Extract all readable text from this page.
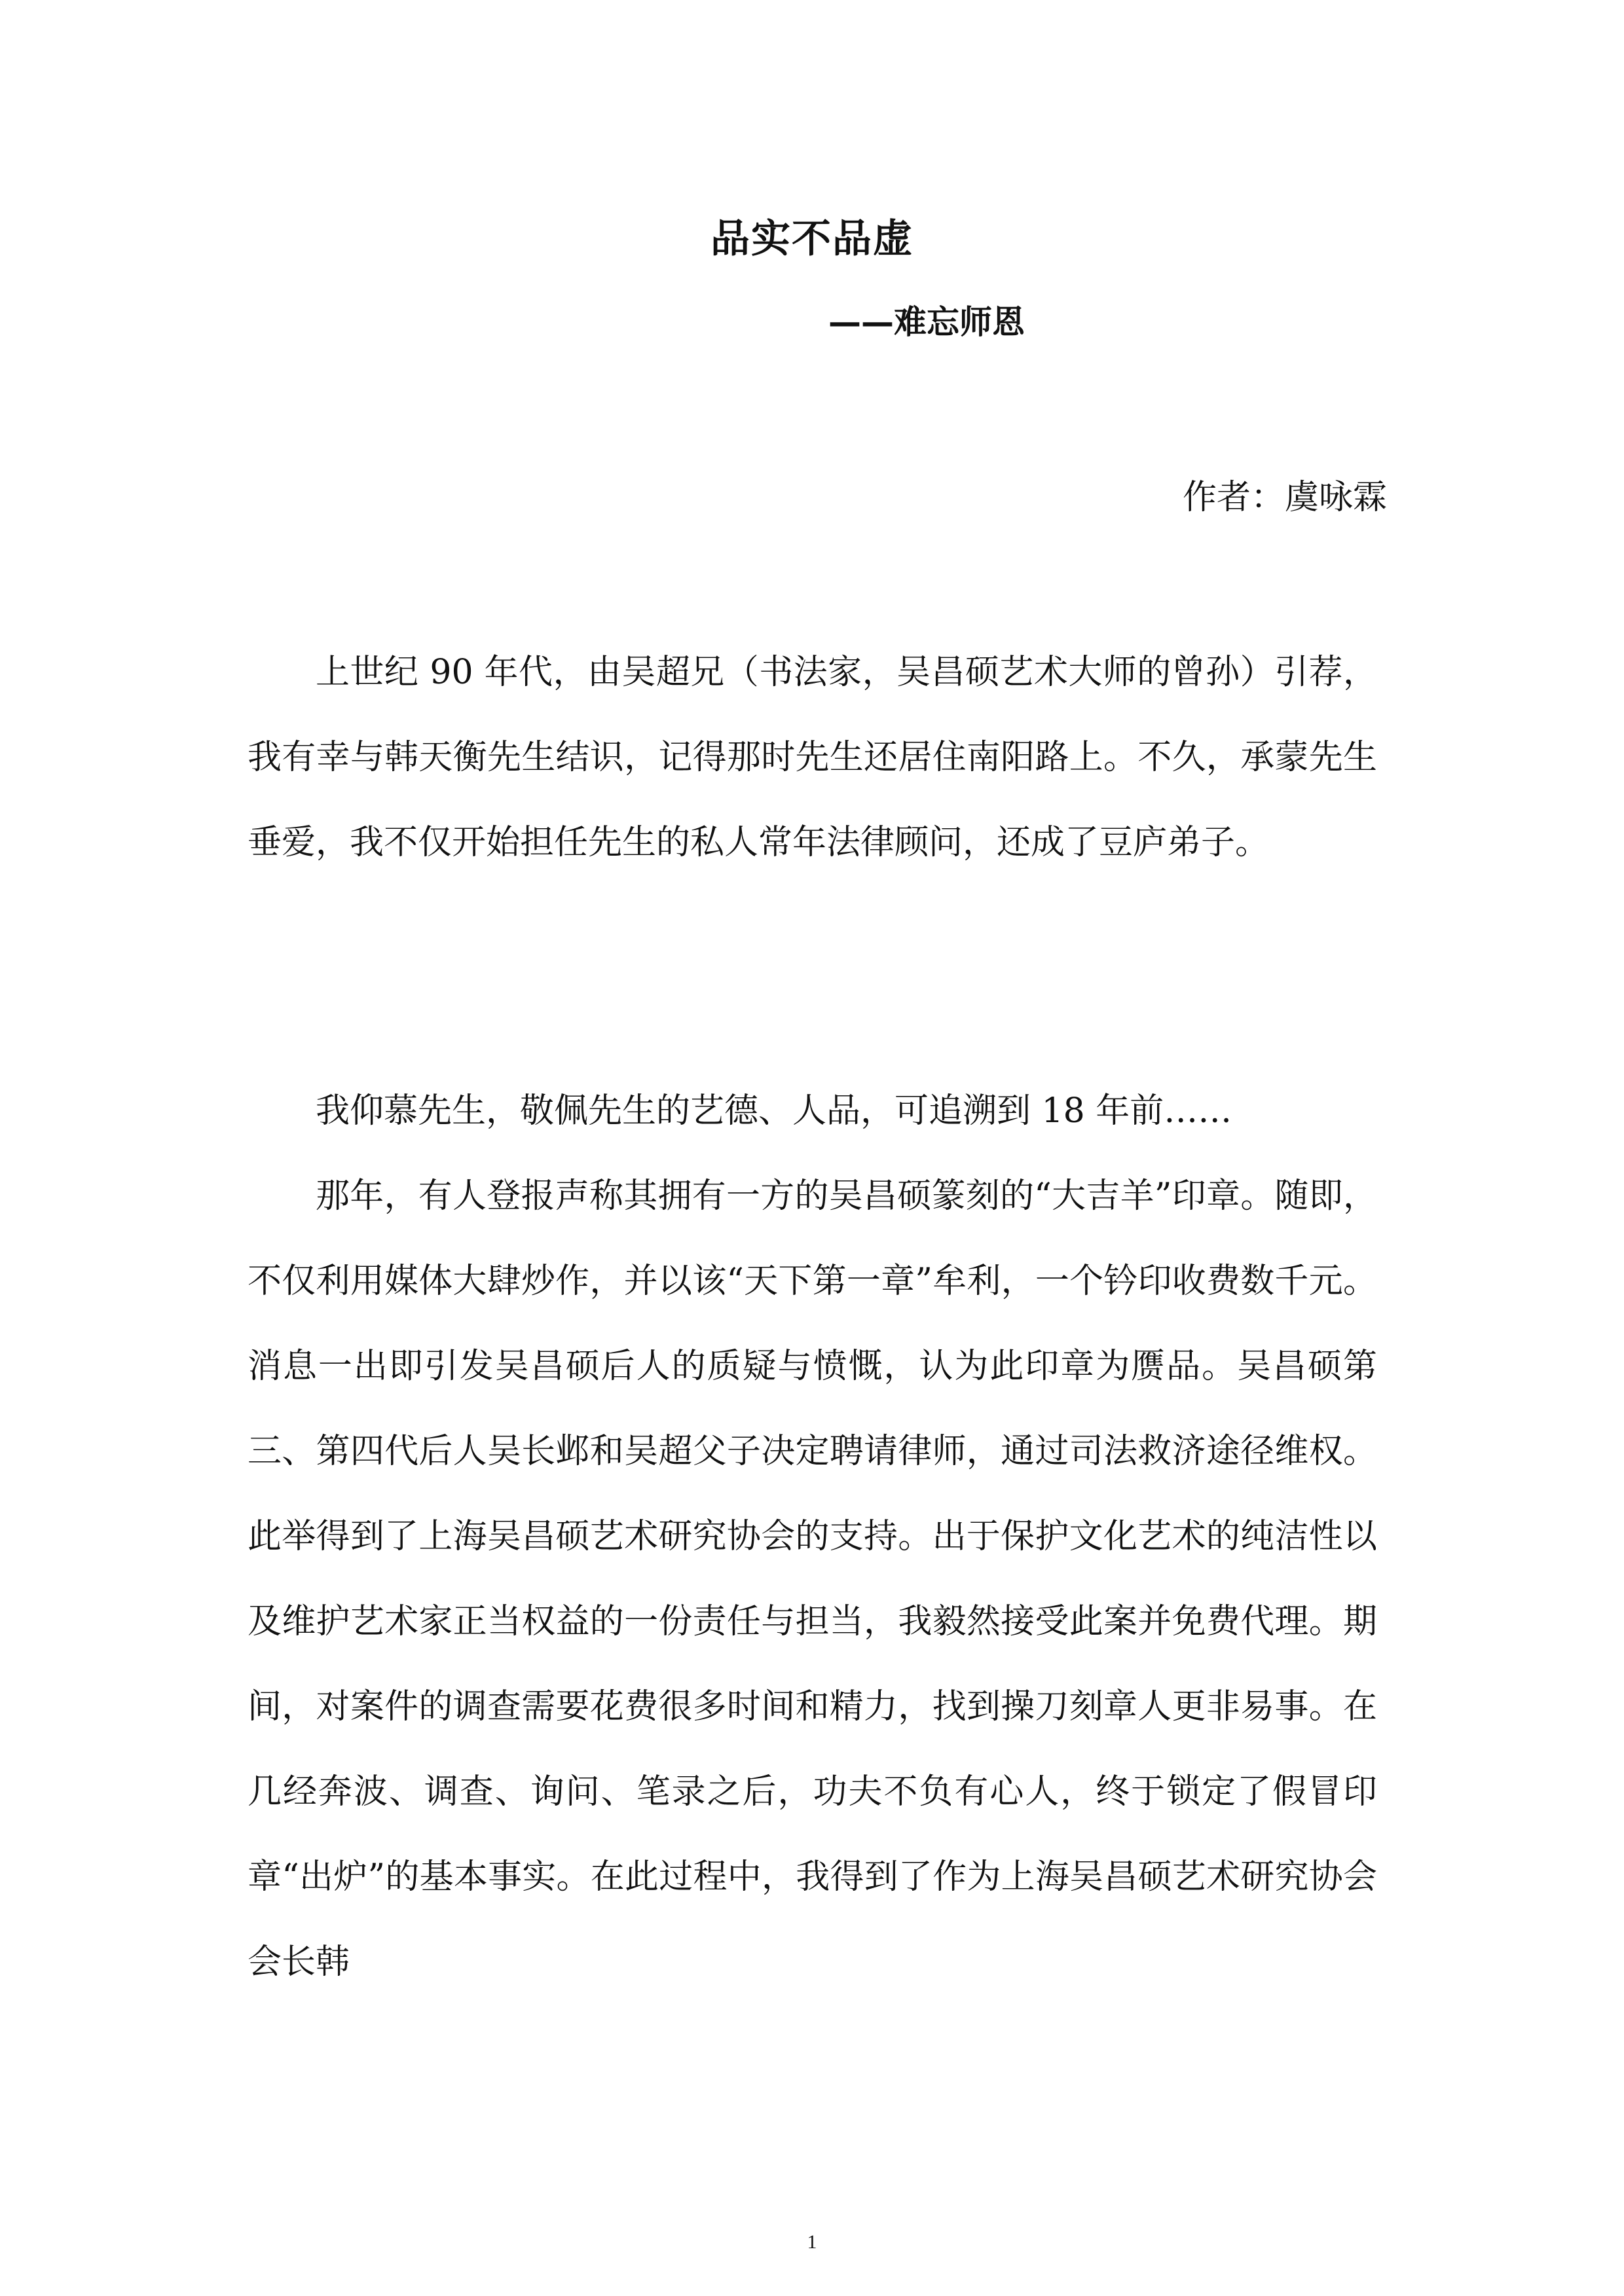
品实不品虚
——难忘师恩
作者：虞咏霖

上世纪 90 年代，由吴超兄（书法家，吴昌硕艺术大师的曾孙）引荐，我有幸与韩天衡先生结识，记得那时先生还居住南阳路上。不久，承蒙先生垂爱，我不仅开始担任先生的私人常年法律顾问，还成了豆庐弟子。

我仰慕先生，敬佩先生的艺德、人品，可追溯到 18 年前……

那年，有人登报声称其拥有一方的吴昌硕篆刻的“大吉羊”印章。随即，不仅利用媒体大肆炒作，并以该“天下第一章”牟利，一个钤印收费数千元。消息一出即引发吴昌硕后人的质疑与愤慨，认为此印章为赝品。吴昌硕第三、第四代后人吴长邺和吴超父子决定聘请律师，通过司法救济途径维权。此举得到了上海吴昌硕艺术研究协会的支持。出于保护文化艺术的纯洁性以及维护艺术家正当权益的一份责任与担当，我毅然接受此案并免费代理。期间，对案件的调查需要花费很多时间和精力，找到操刀刻章人更非易事。在几经奔波、调查、询问、笔录之后，功夫不负有心人，终于锁定了假冒印章“出炉”的基本事实。在此过程中，我得到了作为上海吴昌硕艺术研究协会会长韩

1
